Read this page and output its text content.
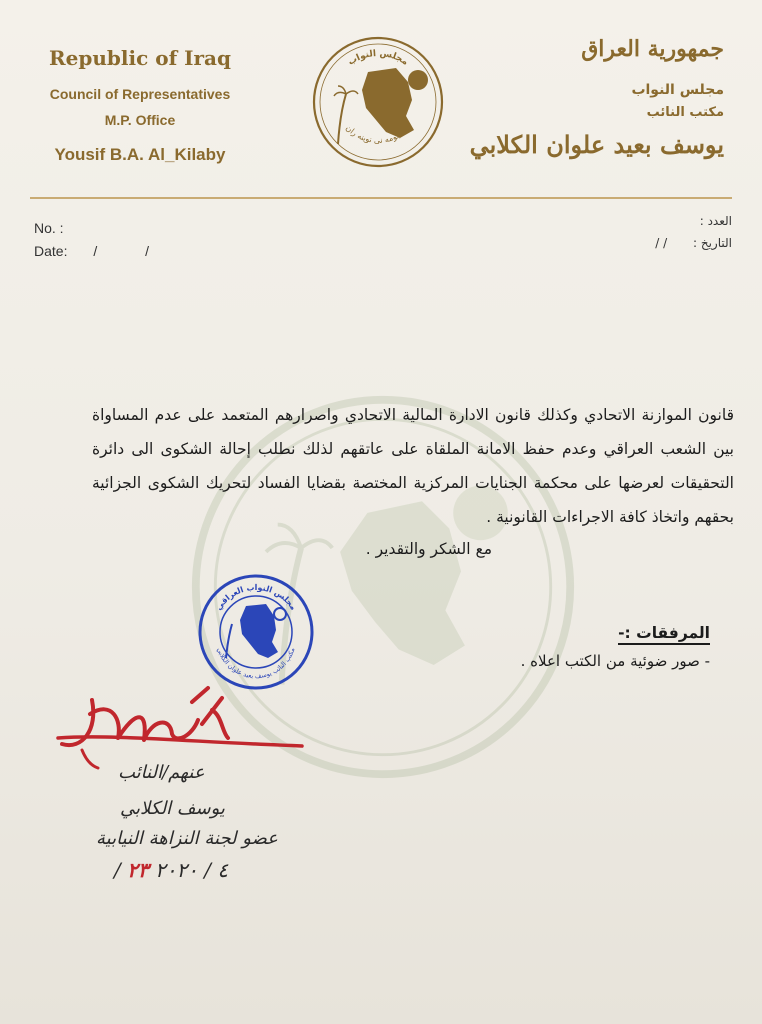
Republic of Iraq
Council of Representatives
M.P. Office
Yousif B.A. Al_Kilaby
مجلس النواب
نه نجومه نى نوينه ران
جمهورية العراق
مجلس النواب
مكتب النائب
يوسف بعيد علوان الكلابي
No. :
Date: / /
العدد :
التاريخ : / /
قانون الموازنة الاتحادي وكذلك قانون الادارة المالية الاتحادي واصرارهم المتعمد على عدم المساواة بين الشعب العراقي وعدم حفظ الامانة الملقاة على عاتقهم لذلك نطلب إحالة الشكوى الى دائرة التحقيقات لعرضها على محكمة الجنايات المركزية المختصة بقضايا الفساد لتحريك الشكوى الجزائية بحقهم واتخاذ كافة الاجراءات القانونية .
مع الشكر والتقدير .
المرفقات :-
- صور ضوئية من الكتب اعلاه .
مجلس النواب العراقي
مكتب النائب يوسف بعيد علوان الكلابي
عنهم/النائب
يوسف الكلابي
عضو لجنة النزاهة النيابية
/ ٤ / ٢٠٢٠ ٢٣
